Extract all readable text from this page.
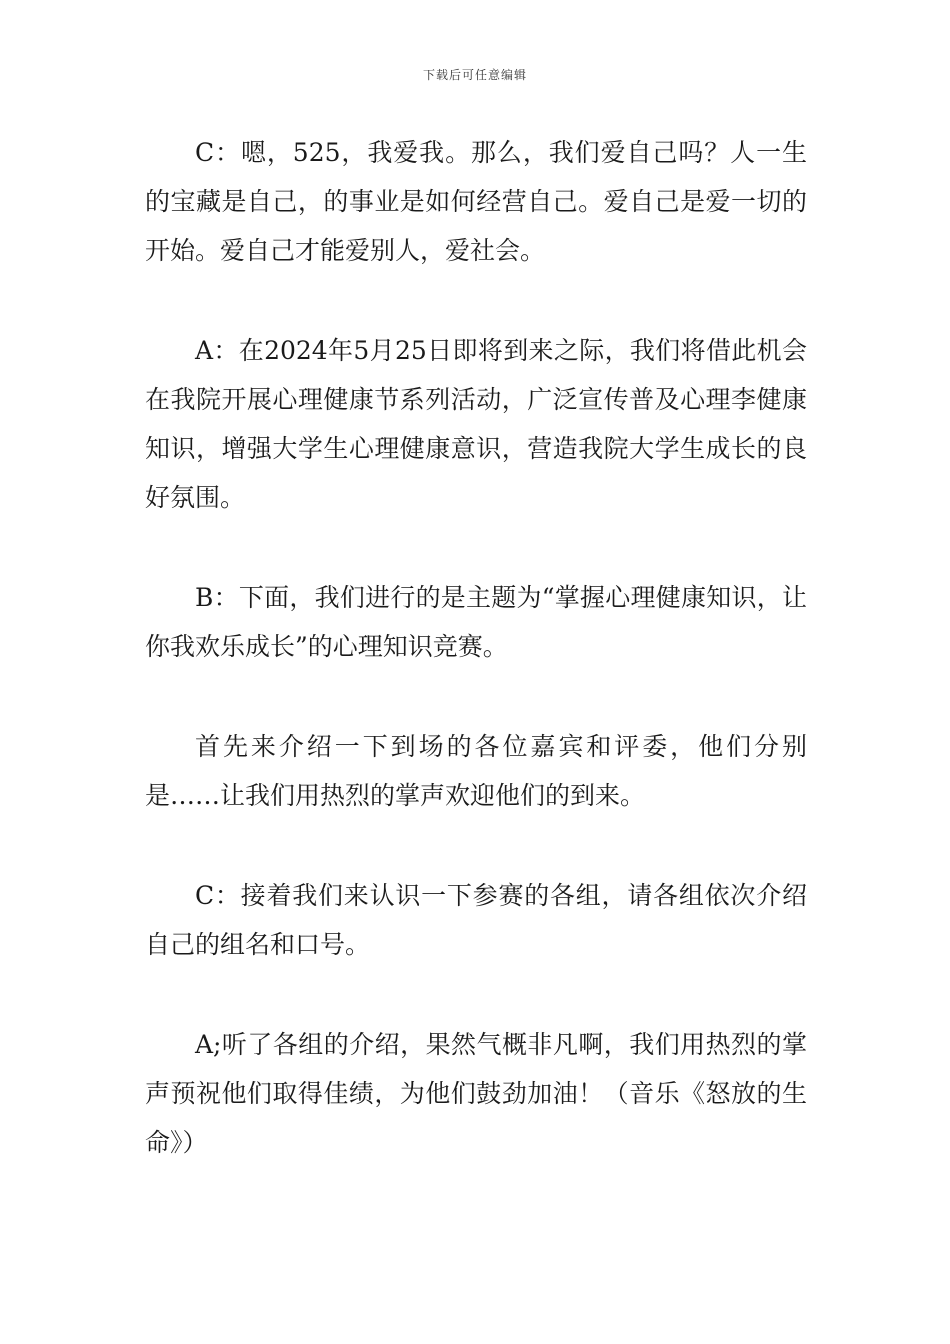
下载后可任意编辑

C：嗯，525，我爱我。那么，我们爱自己吗？人一生的宝藏是自己，的事业是如何经营自己。爱自己是爱一切的开始。爱自己才能爱别人，爱社会。

A：在2024年5月25日即将到来之际，我们将借此机会在我院开展心理健康节系列活动，广泛宣传普及心理李健康知识，增强大学生心理健康意识，营造我院大学生成长的良好氛围。

B：下面，我们进行的是主题为“掌握心理健康知识，让你我欢乐成长”的心理知识竞赛。

首先来介绍一下到场的各位嘉宾和评委，他们分别是……让我们用热烈的掌声欢迎他们的到来。

C：接着我们来认识一下参赛的各组，请各组依次介绍自己的组名和口号。

A;听了各组的介绍，果然气概非凡啊，我们用热烈的掌声预祝他们取得佳绩，为他们鼓劲加油！（音乐《怒放的生命》）
